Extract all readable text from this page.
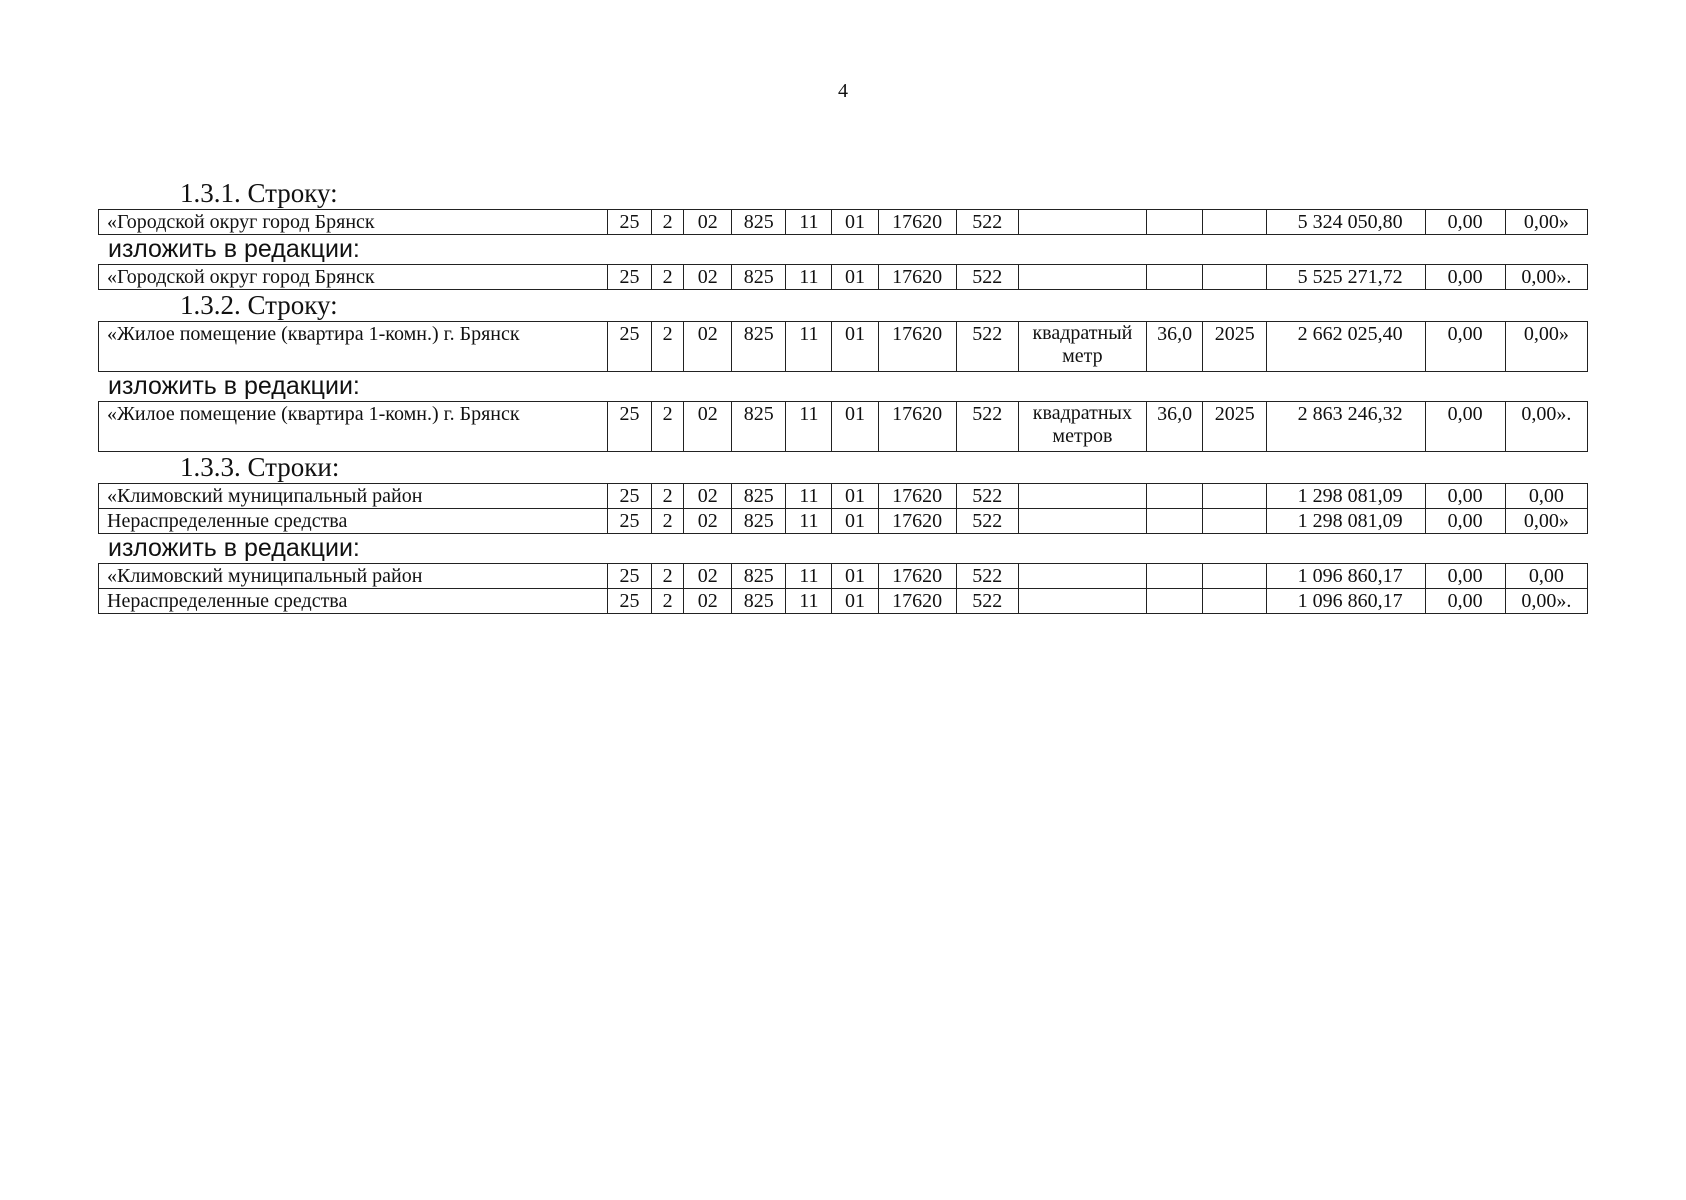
4

1.3.1. Строку:

«Городской округ город Брянск	25	2	02	825	11	01	17620	522				5 324 050,80	0,00	0,00»

изложить в редакции:

«Городской округ город Брянск	25	2	02	825	11	01	17620	522				5 525 271,72	0,00	0,00».

1.3.2. Строку:

«Жилое помещение (квартира 1-комн.) г. Брянск	25	2	02	825	11	01	17620	522	квадратный метр	36,0	2025	2 662 025,40	0,00	0,00»

изложить в редакции:

«Жилое помещение (квартира 1-комн.) г. Брянск	25	2	02	825	11	01	17620	522	квадратных метров	36,0	2025	2 863 246,32	0,00	0,00».

1.3.3. Строки:

«Климовский муниципальный район	25	2	02	825	11	01	17620	522				1 298 081,09	0,00	0,00
Нераспределенные средства	25	2	02	825	11	01	17620	522				1 298 081,09	0,00	0,00»

изложить в редакции:

«Климовский муниципальный район	25	2	02	825	11	01	17620	522				1 096 860,17	0,00	0,00
Нераспределенные средства	25	2	02	825	11	01	17620	522				1 096 860,17	0,00	0,00».
